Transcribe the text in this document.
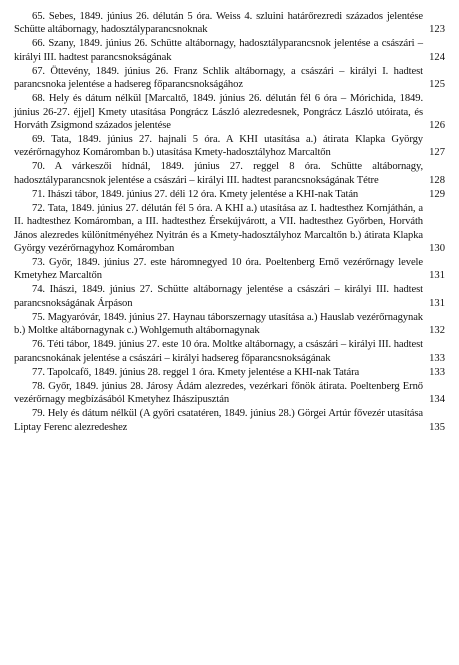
65. Sebes, 1849. június 26. délután 5 óra. Weiss 4. szluini határőrezredi százados jelentése Schütte altábornagy, hadosztályparancsnoknak	123
66. Szany, 1849. június 26. Schütte altábornagy, hadosztályparancsnok jelentése a császári – királyi III. hadtest parancsnokságának	124
67. Öttevény, 1849. június 26. Franz Schlik altábornagy, a császári – királyi I. hadtest parancsnoka jelentése a hadsereg főparancsnokságához	125
68. Hely és dátum nélkül [Marcaltő, 1849. június 26. délután fél 6 óra – Mórichida, 1849. június 26-27. éjjel] Kmety utasítása Pongrácz László alezredesnek, Pongrácz László utóirata, és Horváth Zsigmond százados jelentése	126
69. Tata, 1849. június 27. hajnali 5 óra. A KHI utasítása a.) átirata Klapka György vezérőrnagyhoz Komáromban b.) utasítása Kmety-hadosztályhoz Marcaltőn	127
70. A várkeszői hídnál, 1849. június 27. reggel 8 óra. Schütte altábornagy, hadosztályparancsnok jelentése a császári – királyi III. hadtest parancsnokságának Tétre	128
71. Ihászi tábor, 1849. június 27. déli 12 óra. Kmety jelentése a KHI-nak Tatán	129
72. Tata, 1849. június 27. délután fél 5 óra. A KHI a.) utasítása az I. hadtesthez Kornjáthán, a II. hadtesthez Komáromban, a III. hadtesthez Érsekújvárott, a VII. hadtesthez Győrben, Horváth János alezredes különítményéhez Nyitrán és a Kmety-hadosztályhoz Marcaltőn b.) átirata Klapka György vezérőrnagyhoz Komáromban	130
73. Győr, 1849. június 27. este háromnegyed 10 óra. Poeltenberg Ernő vezérőrnagy levele Kmetyhez Marcaltőn	131
74. Ihászi, 1849. június 27. Schütte altábornagy jelentése a császári – királyi III. hadtest parancsnokságának Árpáson	131
75. Magyaróvár, 1849. június 27. Haynau táborszernagy utasítása a.) Hauslab vezérőrnagynak b.) Moltke altábornagynak c.) Wohlgemuth altábornagynak	132
76. Téti tábor, 1849. június 27. este 10 óra. Moltke altábornagy, a császári – királyi III. hadtest parancsnokának jelentése a császári – királyi hadsereg főparancsnokságának	133
77. Tapolcafő, 1849. június 28. reggel 1 óra. Kmety jelentése a KHI-nak Tatára	133
78. Győr, 1849. június 28. Járosy Ádám alezredes, vezérkari főnök átirata. Poeltenberg Ernő vezérőrnagy megbízásából Kmetyhez Ihászipusztán	134
79. Hely és dátum nélkül (A győri csatatéren, 1849. június 28.) Görgei Artúr fővezér utasítása Liptay Ferenc alezredeshez	135
